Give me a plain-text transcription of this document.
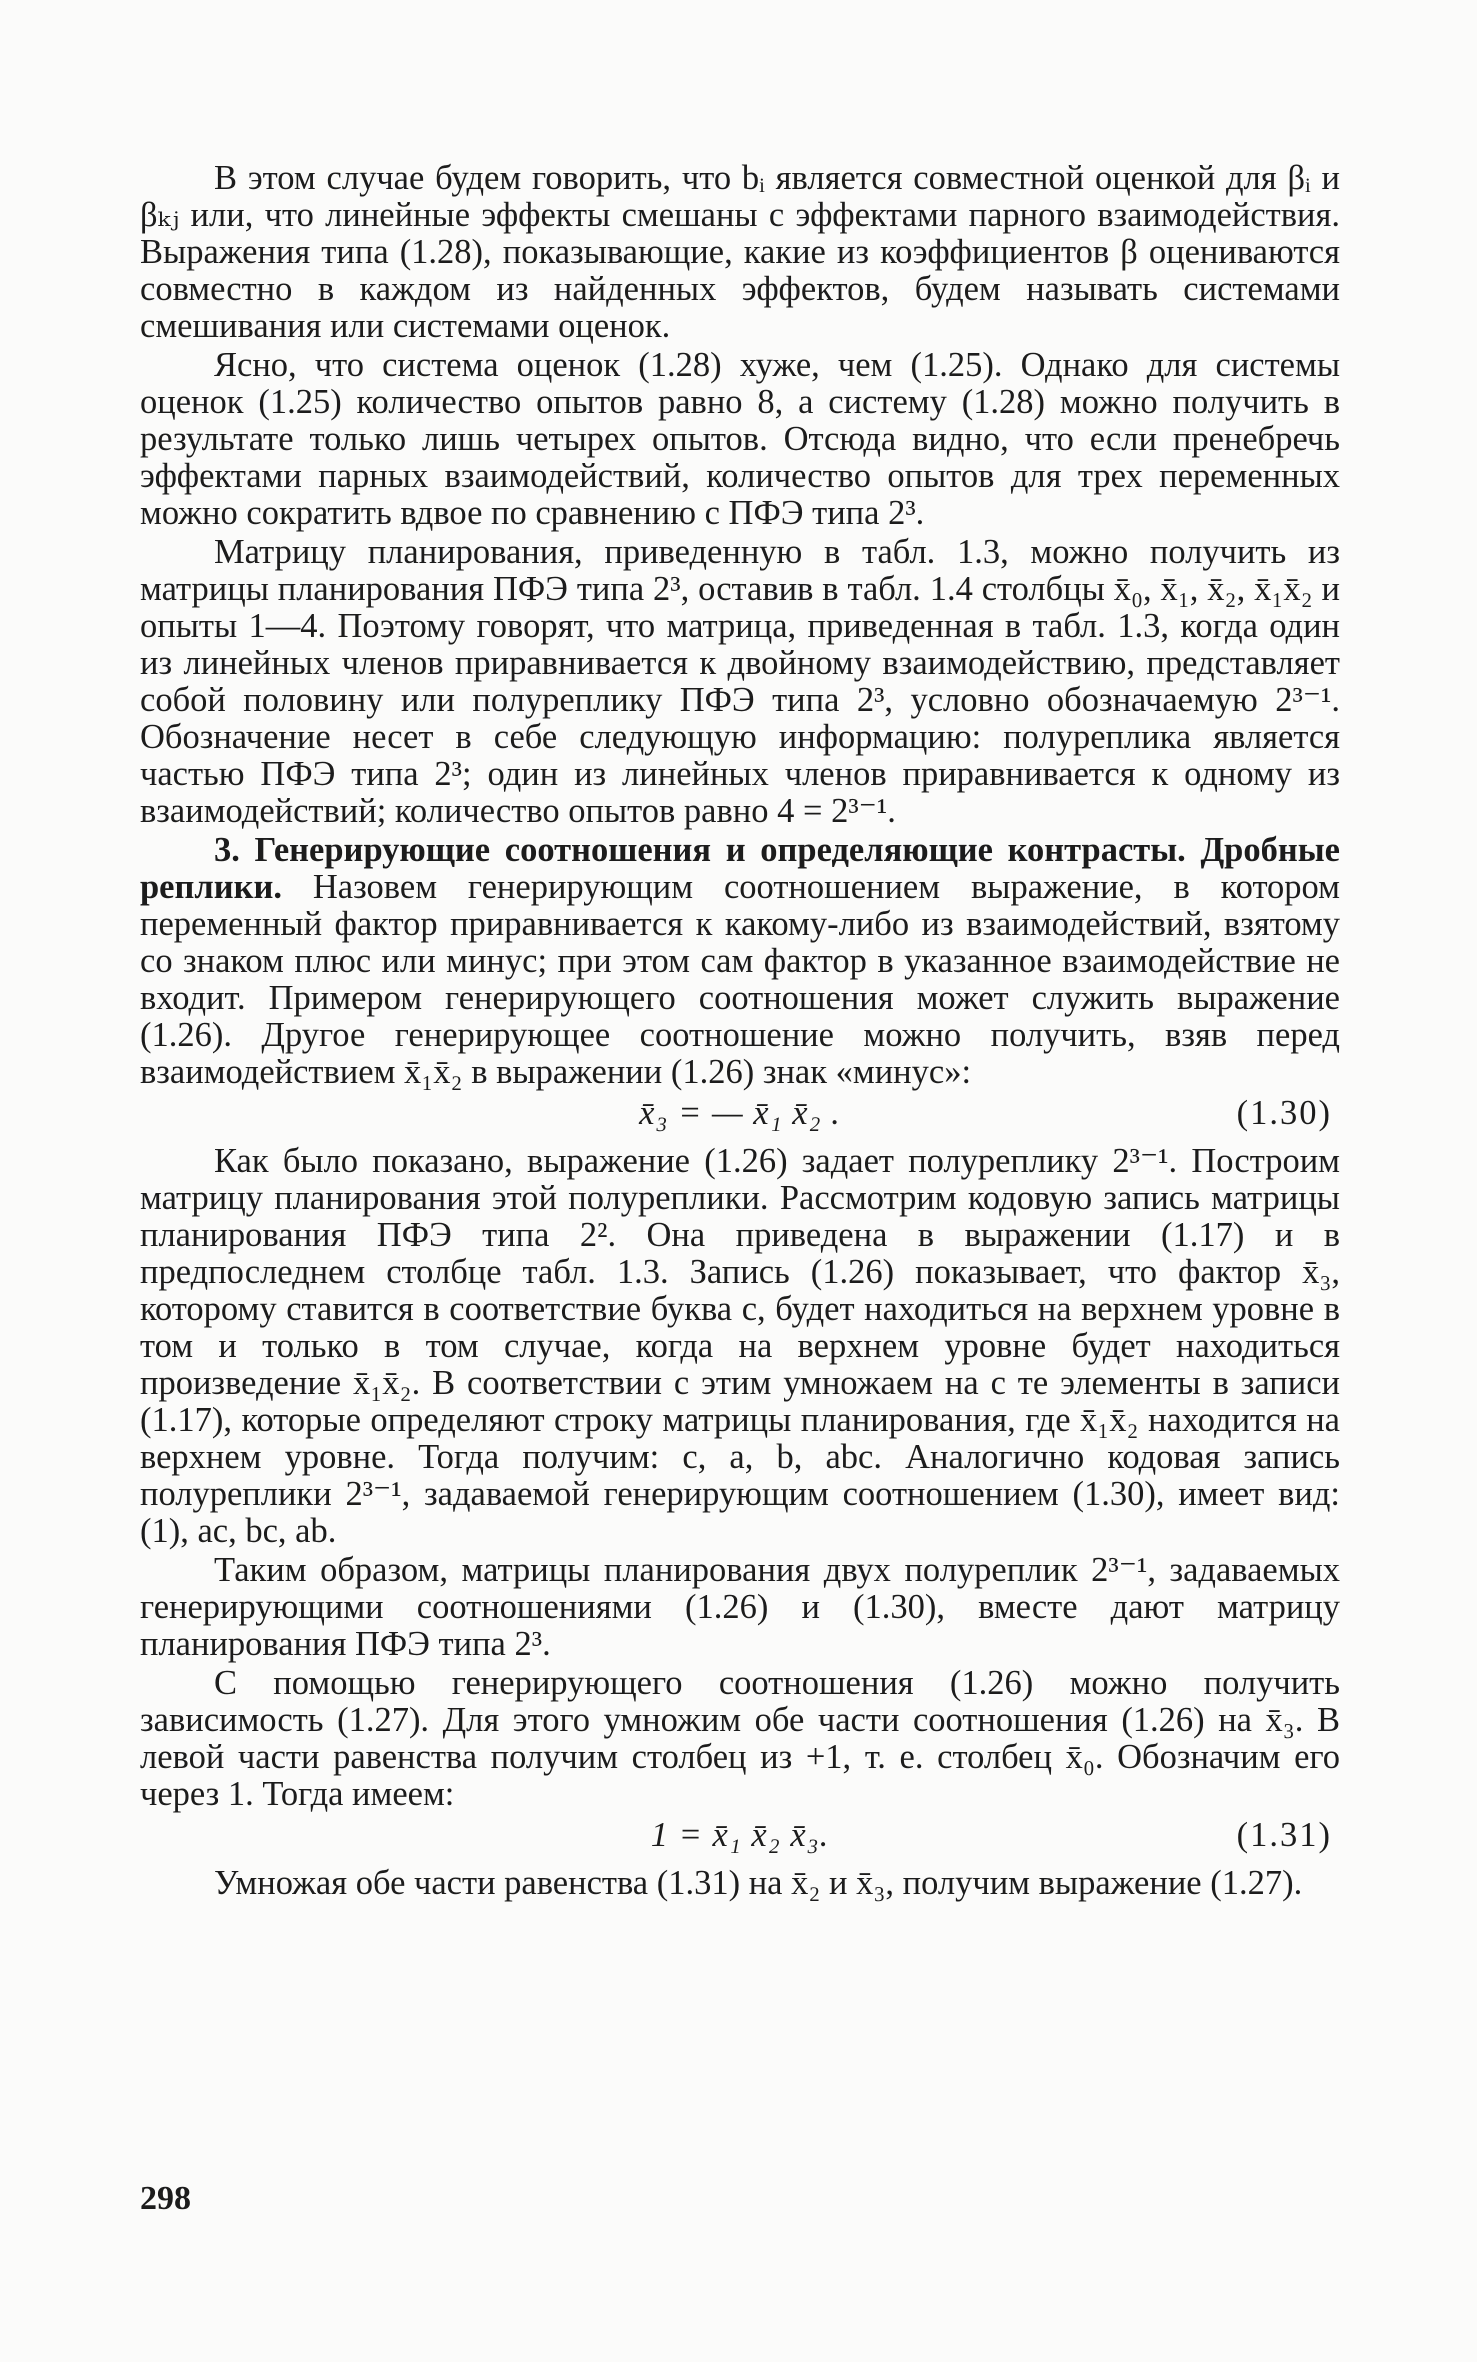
В этом случае будем говорить, что bᵢ является совместной оценкой для βᵢ и βₖⱼ или, что линейные эффекты смешаны с эффектами парного взаимодействия. Выражения типа (1.28), показывающие, какие из коэффициентов β оцениваются совместно в каждом из найденных эффектов, будем называть системами смешивания или системами оценок.

Ясно, что система оценок (1.28) хуже, чем (1.25). Однако для системы оценок (1.25) количество опытов равно 8, а систему (1.28) можно получить в результате только лишь четырех опытов. Отсюда видно, что если пренебречь эффектами парных взаимодействий, количество опытов для трех переменных можно сократить вдвое по сравнению с ПФЭ типа 2³.

Матрицу планирования, приведенную в табл. 1.3, можно получить из матрицы планирования ПФЭ типа 2³, оставив в табл. 1.4 столбцы x̄₀, x̄₁, x̄₂, x̄₁x̄₂ и опыты 1—4. Поэтому говорят, что матрица, приведенная в табл. 1.3, когда один из линейных членов приравнивается к двойному взаимодействию, представляет собой половину или полуреплику ПФЭ типа 2³, условно обозначаемую 2³⁻¹. Обозначение несет в себе следующую информацию: полуреплика является частью ПФЭ типа 2³; один из линейных членов приравнивается к одному из взаимодействий; количество опытов равно 4 = 2³⁻¹.

3. Генерирующие соотношения и определяющие контрасты. Дробные реплики. Назовем генерирующим соотношением выражение, в котором переменный фактор приравнивается к какому-либо из взаимодействий, взятому со знаком плюс или минус; при этом сам фактор в указанное взаимодействие не входит. Примером генерирующего соотношения может служить выражение (1.26). Другое генерирующее соотношение можно получить, взяв перед взаимодействием x̄₁x̄₂ в выражении (1.26) знак «минус»:

x̄₃ = — x̄₁ x̄₂ .	(1.30)

Как было показано, выражение (1.26) задает полуреплику 2³⁻¹. Построим матрицу планирования этой полуреплики. Рассмотрим кодовую запись матрицы планирования ПФЭ типа 2². Она приведена в выражении (1.17) и в предпоследнем столбце табл. 1.3. Запись (1.26) показывает, что фактор x̄₃, которому ставится в соответствие буква c, будет находиться на верхнем уровне в том и только в том случае, когда на верхнем уровне будет находиться произведение x̄₁x̄₂. В соответствии с этим умножаем на c те элементы в записи (1.17), которые определяют строку матрицы планирования, где x̄₁x̄₂ находится на верхнем уровне. Тогда получим: c, a, b, abc. Аналогично кодовая запись полуреплики 2³⁻¹, задаваемой генерирующим соотношением (1.30), имеет вид: (1), ac, bc, ab.

Таким образом, матрицы планирования двух полуреплик 2³⁻¹, задаваемых генерирующими соотношениями (1.26) и (1.30), вместе дают матрицу планирования ПФЭ типа 2³.

С помощью генерирующего соотношения (1.26) можно получить зависимость (1.27). Для этого умножим обе части соотношения (1.26) на x̄₃. В левой части равенства получим столбец из +1, т. е. столбец x̄₀. Обозначим его через 1. Тогда имеем:

1 = x̄₁ x̄₂ x̄₃.	(1.31)

Умножая обе части равенства (1.31) на x̄₂ и x̄₃, получим выражение (1.27).

298
